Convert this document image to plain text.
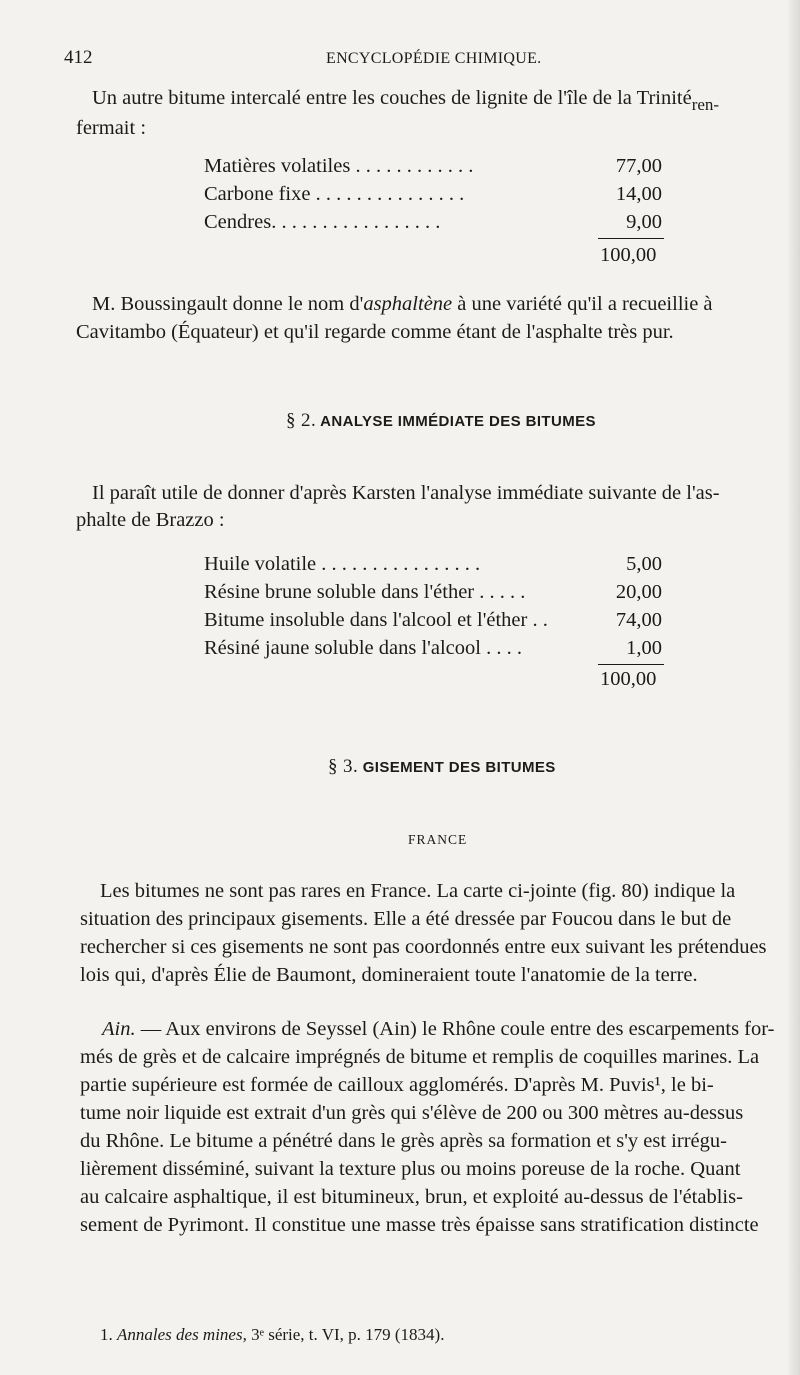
412	ENCYCLOPÉDIE CHIMIQUE.
Un autre bitume intercalé entre les couches de lignite de l'île de la Trinité$_{ren-}$
fermait :
Matières volatiles . . . . . . . . . . . .	77,00
Carbone fixe . . . . . . . . . . . . . . .	14,00
Cendres. . . . . . . . . . . . . . . . .	9,00
100,00
M. Boussingault donne le nom d'asphaltène à une variété qu'il a recueillie à
Cavitambo (Équateur) et qu'il regarde comme étant de l'asphalte très pur.
§ 2. ANALYSE IMMÉDIATE DES BITUMES
Il paraît utile de donner d'après Karsten l'analyse immédiate suivante de l'as-
phalte de Brazzo :
Huile volatile . . . . . . . . . . . . . . . .	5,00
Résine brune soluble dans l'éther . . . . .	20,00
Bitume insoluble dans l'alcool et l'éther . .	74,00
Résiné jaune soluble dans l'alcool . . . .	1,00
100,00
§ 3. GISEMENT DES BITUMES
FRANCE
Les bitumes ne sont pas rares en France. La carte ci-jointe (fig. 80) indique la
situation des principaux gisements. Elle a été dressée par Foucou dans le but de
rechercher si ces gisements ne sont pas coordonnés entre eux suivant les prétendues
lois qui, d'après Élie de Baumont, domineraient toute l'anatomie de la terre.
Ain. — Aux environs de Seyssel (Ain) le Rhône coule entre des escarpements for-
més de grès et de calcaire imprégnés de bitume et remplis de coquilles marines. La
partie supérieure est formée de cailloux agglomérés. D'après M. Puvis¹, le bi-
tume noir liquide est extrait d'un grès qui s'élève de 200 ou 300 mètres au-dessus
du Rhône. Le bitume a pénétré dans le grès après sa formation et s'y est irrégu-
lièrement disséminé, suivant la texture plus ou moins poreuse de la roche. Quant
au calcaire asphaltique, il est bitumineux, brun, et exploité au-dessus de l'établis-
sement de Pyrimont. Il constitue une masse très épaisse sans stratification distincte
1. Annales des mines, 3ᵉ série, t. VI, p. 179 (1834).
